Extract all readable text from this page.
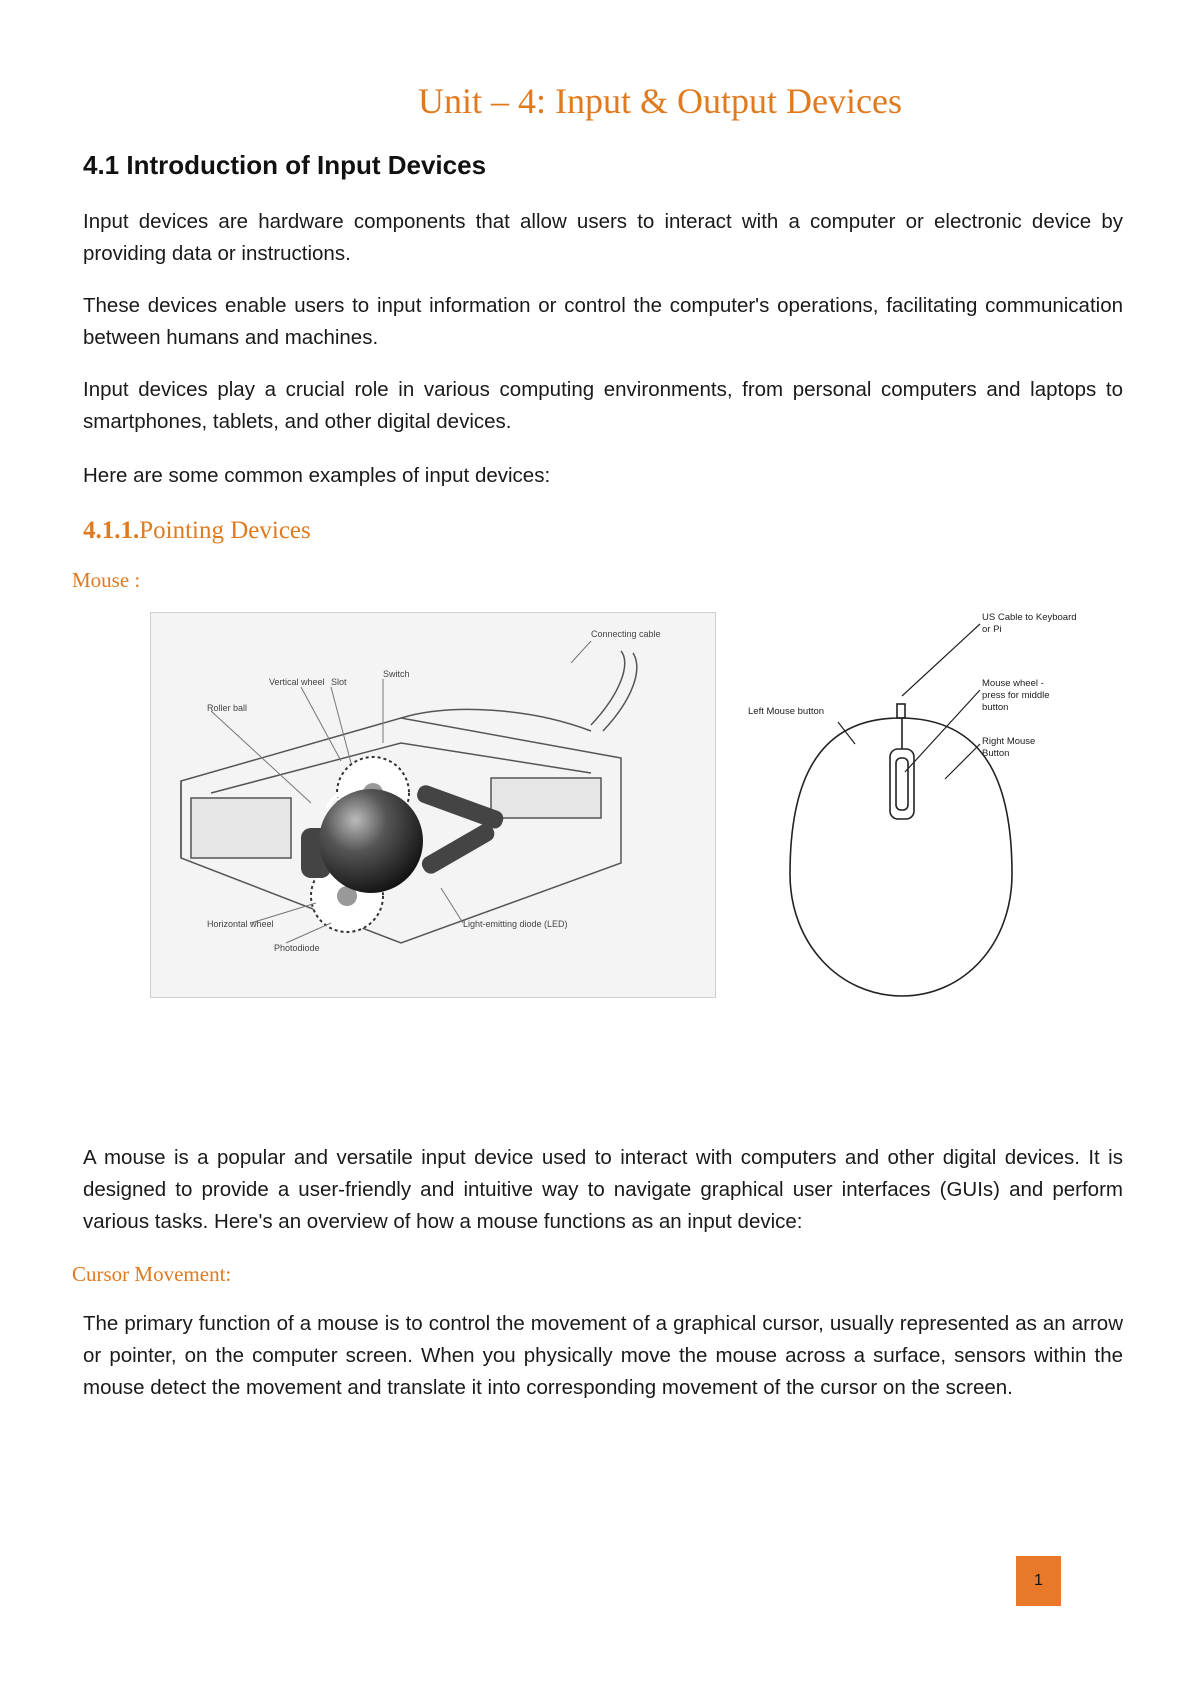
Unit – 4: Input & Output Devices
4.1 Introduction of Input Devices
Input devices are hardware components that allow users to interact with a computer or electronic device by providing data or instructions.
These devices enable users to input information or control the computer's operations, facilitating communication between humans and machines.
Input devices play a crucial role in various computing environments, from personal computers and laptops to smartphones, tablets, and other digital devices.
Here are some common examples of input devices:
4.1.1.Pointing Devices
Mouse :
Connecting cable
Switch
Vertical wheel Slot
Roller ball
Horizontal wheel
Photodiode
Light-emitting diode (LED)
US Cable to Keyboard or Pi
Mouse wheel - press for middle button
Left Mouse button
Right Mouse Button
A mouse is a popular and versatile input device used to interact with computers and other digital devices. It is designed to provide a user-friendly and intuitive way to navigate graphical user interfaces (GUIs) and perform various tasks. Here's an overview of how a mouse functions as an input device:
Cursor Movement:
The primary function of a mouse is to control the movement of a graphical cursor, usually represented as an arrow or pointer, on the computer screen. When you physically move the mouse across a surface, sensors within the mouse detect the movement and translate it into corresponding movement of the cursor on the screen.
1
